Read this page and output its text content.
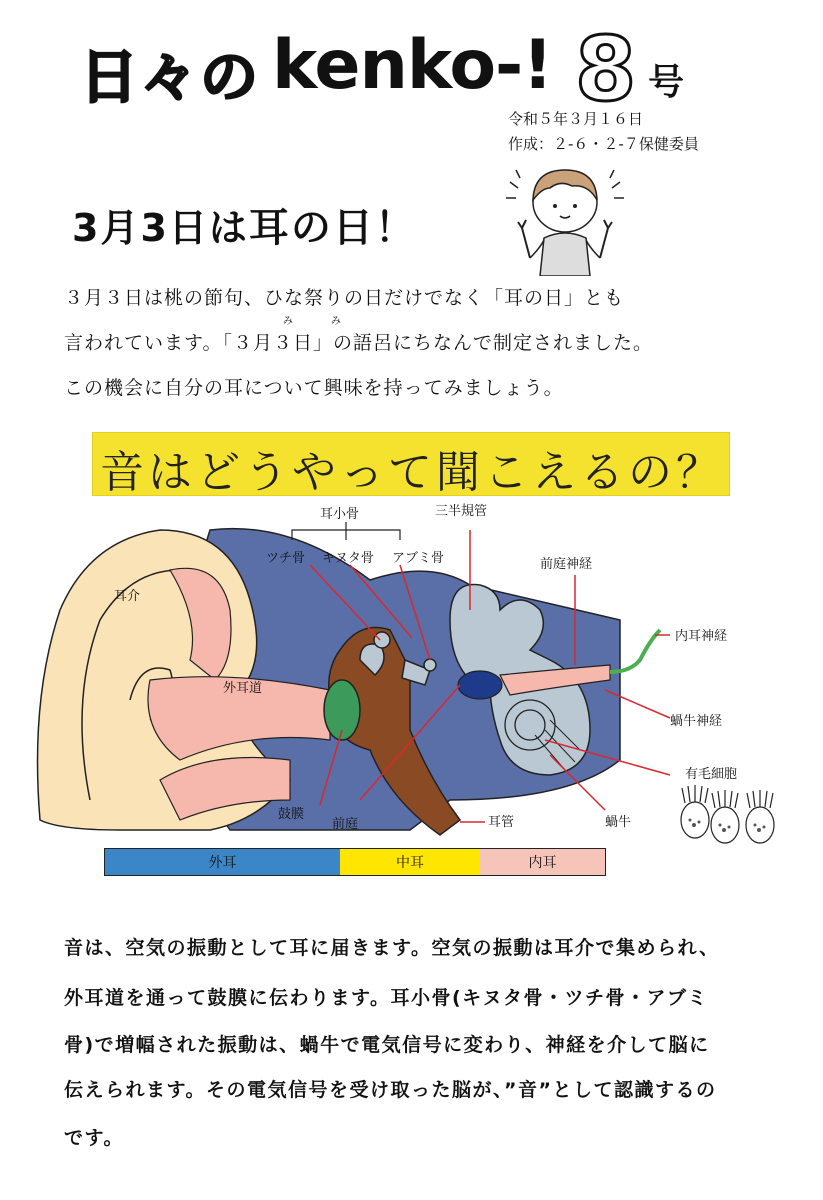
日々の kenko-! 8 号
令和５年３月１６日
作成：２-６・２-７保健委員
3月3日は耳の日！
３月３日は桃の節句、ひな祭りの日だけでなく「耳の日」とも
み	み
言われています。「３月３日」の語呂にちなんで制定されました。
この機会に自分の耳について興味を持ってみましょう。
音はどうやって聞こえるの？
耳小骨
ツチ骨 キヌタ骨 アブミ骨
三半規管
前庭神経
内耳神経
耳介
外耳道
蝸牛神経
有毛細胞
鼓膜
前庭	耳管	蝸牛
外耳	中耳	内耳
音は、空気の振動として耳に届きます。空気の振動は耳介で集められ、
外耳道を通って鼓膜に伝わります。耳小骨(キヌタ骨・ツチ骨・アブミ
骨)で増幅された振動は、蝸牛で電気信号に変わり、神経を介して脳に
伝えられます。その電気信号を受け取った脳が、”音”として認識するの
です。
